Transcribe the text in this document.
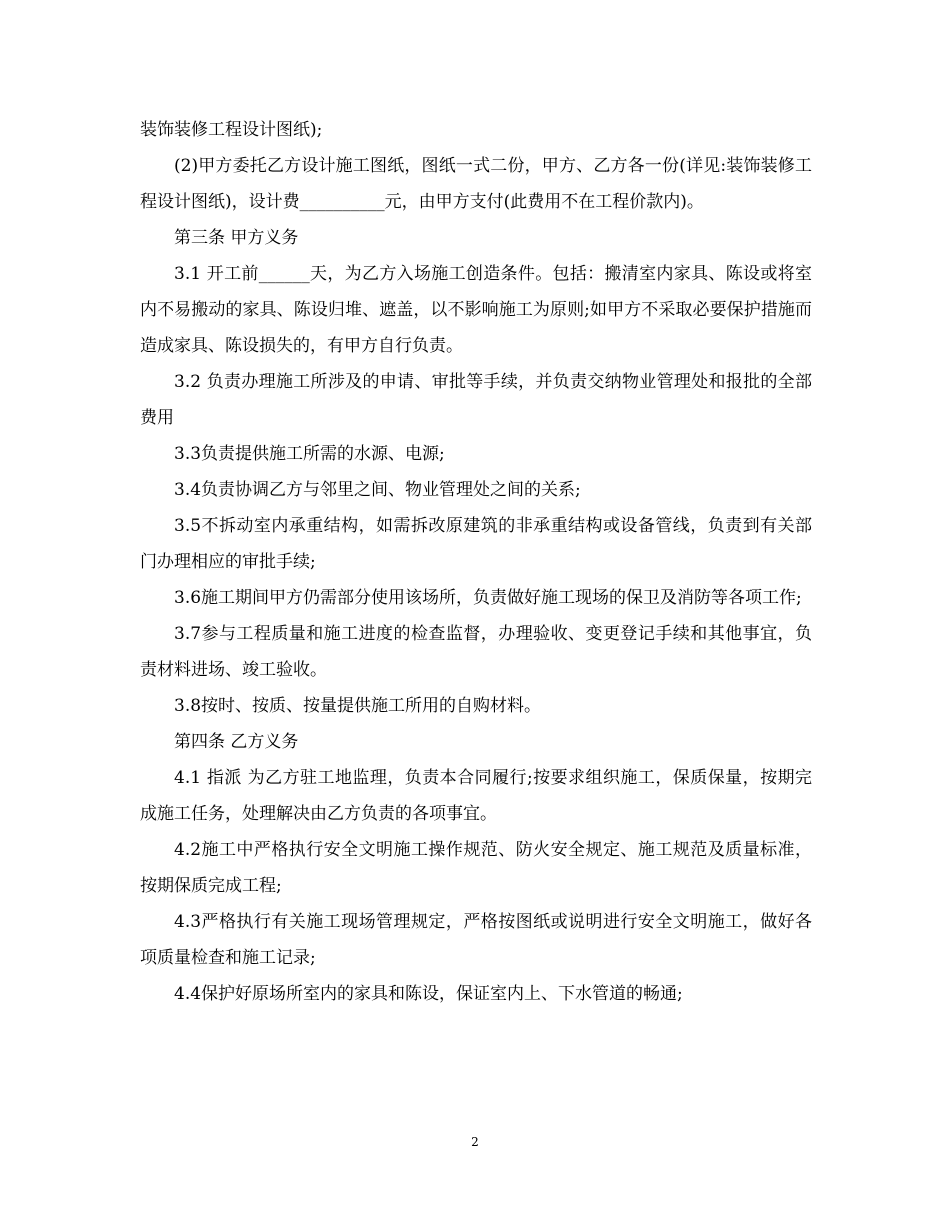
装饰装修工程设计图纸);

(2)甲方委托乙方设计施工图纸，图纸一式二份，甲方、乙方各一份(详见:装饰装修工程设计图纸)，设计费__________元，由甲方支付(此费用不在工程价款内)。

第三条 甲方义务

3.1 开工前______天，为乙方入场施工创造条件。包括：搬清室内家具、陈设或将室内不易搬动的家具、陈设归堆、遮盖，以不影响施工为原则;如甲方不采取必要保护措施而造成家具、陈设损失的，有甲方自行负责。

3.2 负责办理施工所涉及的申请、审批等手续，并负责交纳物业管理处和报批的全部费用

3.3负责提供施工所需的水源、电源;

3.4负责协调乙方与邻里之间、物业管理处之间的关系;

3.5不拆动室内承重结构，如需拆改原建筑的非承重结构或设备管线，负责到有关部门办理相应的审批手续;

3.6施工期间甲方仍需部分使用该场所，负责做好施工现场的保卫及消防等各项工作;

3.7参与工程质量和施工进度的检查监督，办理验收、变更登记手续和其他事宜，负责材料进场、竣工验收。

3.8按时、按质、按量提供施工所用的自购材料。

第四条 乙方义务

4.1 指派 为乙方驻工地监理，负责本合同履行;按要求组织施工，保质保量，按期完成施工任务，处理解决由乙方负责的各项事宜。

4.2施工中严格执行安全文明施工操作规范、防火安全规定、施工规范及质量标准，按期保质完成工程;

4.3严格执行有关施工现场管理规定，严格按图纸或说明进行安全文明施工，做好各项质量检查和施工记录;

4.4保护好原场所室内的家具和陈设，保证室内上、下水管道的畅通;

2
